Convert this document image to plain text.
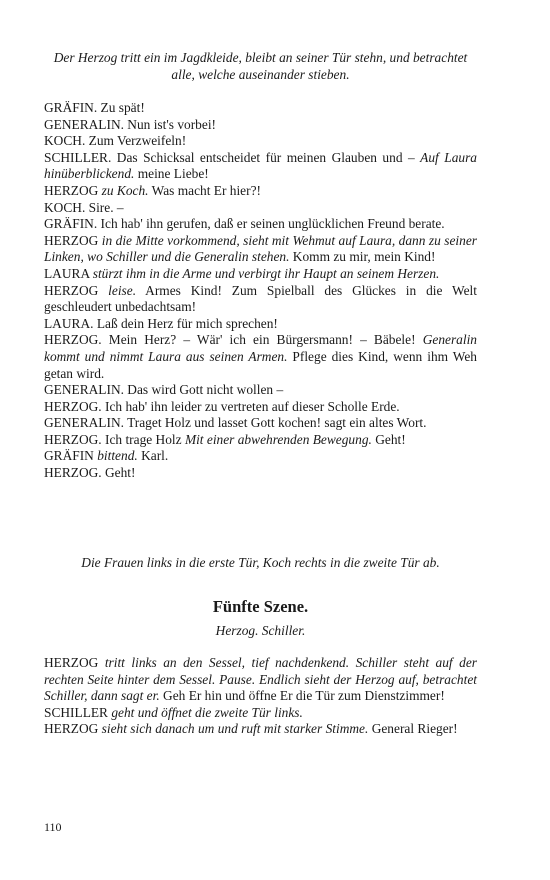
Der Herzog tritt ein im Jagdkleide, bleibt an seiner Tür stehn, und betrachtet alle, welche auseinander stieben.

GRÄFIN. Zu spät!

GENERALIN. Nun ist's vorbei!

KOCH. Zum Verzweifeln!

SCHILLER. Das Schicksal entscheidet für meinen Glauben und – Auf Laura hinüberblickend. meine Liebe!

HERZOG zu Koch. Was macht Er hier?!

KOCH. Sire. –

GRÄFIN. Ich hab' ihn gerufen, daß er seinen unglücklichen Freund berate.

HERZOG in die Mitte vorkommend, sieht mit Wehmut auf Laura, dann zu seiner Linken, wo Schiller und die Generalin stehen. Komm zu mir, mein Kind!

LAURA stürzt ihm in die Arme und verbirgt ihr Haupt an seinem Herzen.

HERZOG leise. Armes Kind! Zum Spielball des Glückes in die Welt geschleudert unbedachtsam!

LAURA. Laß dein Herz für mich sprechen!

HERZOG. Mein Herz? – Wär' ich ein Bürgersmann! – Bäbele! Generalin kommt und nimmt Laura aus seinen Armen. Pflege dies Kind, wenn ihm Weh getan wird.

GENERALIN. Das wird Gott nicht wollen –

HERZOG. Ich hab' ihn leider zu vertreten auf dieser Scholle Erde.

GENERALIN. Traget Holz und lasset Gott kochen! sagt ein altes Wort.

HERZOG. Ich trage Holz Mit einer abwehrenden Bewegung. Geht!

GRÄFIN bittend. Karl.

HERZOG. Geht!

Die Frauen links in die erste Tür, Koch rechts in die zweite Tür ab.
Fünfte Szene.
Herzog. Schiller.

HERZOG tritt links an den Sessel, tief nachdenkend. Schiller steht auf der rechten Seite hinter dem Sessel. Pause. Endlich sieht der Herzog auf, betrachtet Schiller, dann sagt er. Geh Er hin und öffne Er die Tür zum Dienstzimmer!

SCHILLER geht und öffnet die zweite Tür links.

HERZOG sieht sich danach um und ruft mit starker Stimme. General Rieger!

110
